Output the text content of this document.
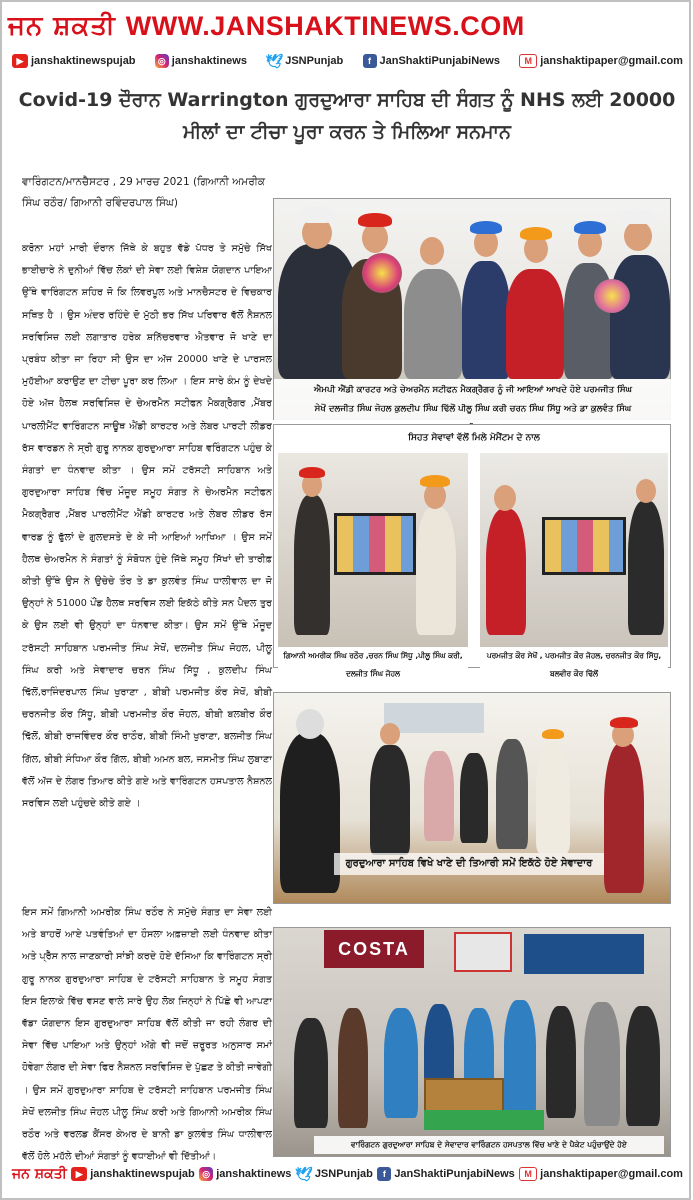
ਜਨ ਸ਼ਕਤੀ WWW.JANSHAKTINEWS.COM
▶ janshaktinewspujab	◎ janshaktinews 🕊 JSNPunjab	f JanShaktiPunjabiNews	M janshaktipaper@gmail.com
Covid-19 ਦੌਰਾਨ Warrington ਗੁਰਦੁਆਰਾ ਸਾਹਿਬ ਦੀ ਸੰਗਤ ਨੂੰ NHS ਲਈ 20000 ਮੀਲਾਂ ਦਾ ਟੀਚਾ ਪੂਰਾ ਕਰਨ ਤੇ ਮਿਲਿਆ ਸਨਮਾਨ
ਵਾਰਿੰਗਟਨ/ਮਾਨਚੈਸਟਰ , 29 ਮਾਰਚ 2021 (ਗਿਆਨੀ ਅਮਰੀਕ ਸਿੰਘ ਰਠੌਰ/ ਗਿਆਨੀ ਰਵਿੰਦਰਪਾਲ ਸਿੰਘ)
ਕਰੋਨਾ ਮਹਾਂ ਮਾਰੀ ਦੌਰਾਨ ਜਿੱਥੇ ਕੇ ਬਹੁਤ ਵੱਡੇ ਪੱਧਰ ਤੇ ਸਮੁੱਚੇ ਸਿੱਖ ਭਾਈਚਾਰੇ ਨੇ ਦੁਨੀਆਂ ਵਿੱਚ ਲੋਕਾਂ ਦੀ ਸੇਵਾ ਲਈ ਵਿਸ਼ੇਸ਼ ਯੋਗਦਾਨ ਪਾਇਆ ਉੱਥੇ ਵਾਰਿੰਗਟਨ ਸ਼ਹਿਰ ਜੋ ਕਿ ਲਿਵਰਪੂਲ ਅਤੇ ਮਾਨਚੈਸਟਰ ਦੇ ਵਿਚਕਾਰ ਸਥਿਤ ਹੈ । ਉਸ ਅੰਦਰ ਰਹਿੰਦੇ ਦੋ ਮੁੱਠੀ ਭਰ ਸਿੱਖ ਪਰਿਵਾਰ ਵੱਲੋਂ ਨੈਸ਼ਨਲ ਸਰਵਿਸਿਜ਼ ਲਈ ਲਗਾਤਾਰ ਹਰੇਕ ਸ਼ਨਿੱਚਰਵਾਰ ਐਤਵਾਰ ਜੋ ਖਾਣੇ ਦਾ ਪ੍ਰਬੰਧ ਕੀਤਾ ਜਾ ਰਿਹਾ ਸੀ ਉਸ ਦਾ ਅੱਜ 20000 ਖਾਣੇ ਦੇ ਪਾਰਸਲ ਮੁਹੱਈਆ ਕਰਾਉਣ ਦਾ ਟੀਚਾ ਪੂਰਾ ਕਰ ਲਿਆ । ਇਸ ਸਾਰੇ ਕੰਮ ਨੂੰ ਦੇਖਦੇ ਹੋਏ ਅੱਜ ਹੈਲਥ ਸਰਵਿਸਿਜ਼ ਦੇ ਚੇਅਰਮੈਨ ਸਟੀਫਨ ਮੈਕਗ੍ਰੈਗਰ ,ਮੈਂਬਰ ਪਾਰਲੀਮੈਂਟ ਵਾਰਿੰਗਟਨ ਸਾਊਥ ਐਂਡੀ ਕਾਰਟਰ ਅਤੇ ਲੇਬਰ ਪਾਰਟੀ ਲੀਡਰ ਰੱਸ ਵਾਰਡਨ ਨੇ ਸ੍ਰੀ ਗੁਰੂ ਨਾਨਕ ਗੁਰਦੁਆਰਾ ਸਾਹਿਬ ਵਰਿੰਗਟਨ ਪਹੁੰਚ ਕੇ ਸੰਗਤਾਂ ਦਾ ਧੰਨਵਾਦ ਕੀਤਾ । ਉਸ ਸਮੇਂ ਟਰੱਸਟੀ ਸਾਹਿਬਾਨ ਅਤੇ ਗੁਰਦੁਆਰਾ ਸਾਹਿਬ ਵਿੱਚ ਮੌਜੂਦ ਸਮੂਹ ਸੰਗਤ ਨੇ ਚੇਅਰਮੈਨ ਸਟੀਫਨ ਮੈਕਗ੍ਰੈਗਰ ,ਮੈਂਬਰ ਪਾਰਲੀਮੈਂਟ ਐਂਡੀ ਕਾਰਟਰ ਅਤੇ ਲੇਬਰ ਲੀਡਰ ਰੱਸ ਵਾਰਡ ਨੂੰ ਫੁੱਲਾਂ ਦੇ ਗੁਲਦਸਤੇ ਦੇ ਕੇ ਜੀ ਆਇਆਂ ਆਖਿਆ । ਉਸ ਸਮੇਂ ਹੈਲਥ ਚੇਅਰਮੈਨ ਨੇ ਸੰਗਤਾਂ ਨੂੰ ਸੰਬੋਧਨ ਹੁੰਦੇ ਜਿੱਥੇ ਸਮੂਹ ਸਿੱਖਾਂ ਦੀ ਤਾਰੀਫ਼ ਕੀਤੀ ਉੱਥੇ ਉਸ ਨੇ ਉਚੇਚੇ ਤੌਰ ਤੇ ਡਾ ਕੁਲਵੰਤ ਸਿੰਘ ਧਾਲੀਵਾਲ ਦਾ ਜੋ ਉਨ੍ਹਾਂ ਨੇ 51000 ਪੌਂਡ ਹੈਲਥ ਸਰਵਿਸ ਲਈ ਇਕੱਠੇ ਕੀਤੇ ਸਨ ਪੈਦਲ ਤੁਰ ਕੇ ਉਸ ਲਈ ਵੀ ਉਨ੍ਹਾਂ ਦਾ ਧੰਨਵਾਦ ਕੀਤਾ। ਉਸ ਸਮੇਂ ਉੱਥੇ ਮੌਜੂਦ ਟਰੱਸਟੀ ਸਾਹਿਬਾਨ ਪਰਮਜੀਤ ਸਿੰਘ ਸੇਖੋਂ, ਦਲਜੀਤ ਸਿੰਘ ਜੋਹਲ, ਪੀਲੂ ਸਿੰਘ ਕਰੀ ਅਤੇ ਸੇਵਾਦਾਰ ਚਰਨ ਸਿੰਘ ਸਿੱਧੂ , ਕੁਲਦੀਪ ਸਿੰਘ ਢਿੱਲੋਂ,ਰਾਜਿੰਦਰਪਾਲ ਸਿੰਘ ਖੁਰਾਣਾ , ਬੀਬੀ ਪਰਮਜੀਤ ਕੌਰ ਸੇਖੋਂ, ਬੀਬੀ ਚਰਨਜੀਤ ਕੌਰ ਸਿੱਧੂ, ਬੀਬੀ ਪਰਮਜੀਤ ਕੌਰ ਜੋਹਲ, ਬੀਬੀ ਬਲਬੀਰ ਕੌਰ ਢਿੱਲੋਂ, ਬੀਬੀ ਰਾਜਵਿੰਦਰ ਕੌਰ ਰਾਠੌਰ, ਬੀਬੀ ਸਿੰਮੀ ਖੁਰਾਣਾ, ਬਲਜੀਤ ਸਿੰਘ ਗਿੱਲ, ਬੀਬੀ ਸੰਧਿਆ ਕੌਰ ਗਿੱਲ, ਬੀਬੀ ਅਮਨ ਬਲ, ਜਸਮੀਤ ਸਿੰਘ ਲੁਬਾਣਾ ਵੱਲੋਂ ਅੱਜ ਦੇ ਲੰਗਰ ਤਿਆਰ ਕੀਤੇ ਗਏ ਅਤੇ ਵਾਰਿੰਗਟਨ ਹਸਪਤਾਲ ਨੈਸ਼ਨਲ ਸਰਵਿਸ ਲਈ ਪਹੁੰਚਦੇ ਕੀਤੇ ਗਏ ।
ਇਸ ਸਮੇਂ ਗਿਆਨੀ ਅਮਰੀਕ ਸਿੰਘ ਰਠੌਰ ਨੇ ਸਮੁੱਚੇ ਸੰਗਤ ਦਾ ਸੇਵਾ ਲਈ ਅਤੇ ਬਾਹਰੋਂ ਆਏ ਪਤਵੰਤਿਆਂ ਦਾ ਹੌਸਲਾ ਅਫ਼ਜ਼ਾਈ ਲਈ ਧੰਨਵਾਦ ਕੀਤਾ ਅਤੇ ਪ੍ਰੈੱਸ ਨਾਲ ਜਾਣਕਾਰੀ ਸਾਂਝੀ ਕਰਦੇ ਹੋਏ ਦੱਸਿਆ ਕਿ ਵਾਰਿੰਗਟਨ ਸ੍ਰੀ ਗੁਰੂ ਨਾਨਕ ਗੁਰਦੁਆਰਾ ਸਾਹਿਬ ਦੇ ਟਰੱਸਟੀ ਸਾਹਿਬਾਨ ਤੇ ਸਮੂਹ ਸੰਗਤ ਇਸ ਇਲਾਕੇ ਵਿੱਚ ਵਸਣ ਵਾਲੇ ਸਾਰੇ ਉਹ ਲੋਕ ਜਿਨ੍ਹਾਂ ਨੇ ਪਿੱਛੇ ਵੀ ਆਪਣਾ ਵੱਡਾ ਯੋਗਦਾਨ ਇਸ ਗੁਰਦੁਆਰਾ ਸਾਹਿਬ ਵੱਲੋਂ ਕੀਤੀ ਜਾ ਰਹੀ ਲੰਗਰ ਦੀ ਸੇਵਾ ਵਿੱਚ ਪਾਇਆ ਅਤੇ ਉਨ੍ਹਾਂ ਅੱਗੇ ਵੀ ਜਦੋਂ ਜ਼ਰੂਰਤ ਅਨੁਸਾਰ ਸਮਾਂ ਹੋਵੇਗਾ ਲੰਗਰ ਦੀ ਸੇਵਾ ਫਿਰ ਨੈਸ਼ਨਲ ਸਰਵਿਸਿਜ਼ ਦੇ ਪੁੱਛਣ ਤੇ ਕੀਤੀ ਜਾਵੇਗੀ । ਉਸ ਸਮੇਂ ਗੁਰਦੁਆਰਾ ਸਾਹਿਬ ਦੇ ਟਰੱਸਟੀ ਸਾਹਿਬਾਨ ਪਰਮਜੀਤ ਸਿੰਘ ਸੇਖੋਂ ਦਲਜੀਤ ਸਿੰਘ ਜੋਹਲ ਪੀਲੂ ਸਿੰਘ ਕਰੀ ਅਤੇ ਗਿਆਨੀ ਅਮਰੀਕ ਸਿੰਘ ਰਠੌਰ ਅਤੇ ਵਰਲਡ ਕੈਂਸਰ ਕੇਅਰ ਦੇ ਬਾਨੀ ਡਾ ਕੁਲਵੰਤ ਸਿੰਘ ਧਾਲੀਵਾਲ ਵੱਲੋਂ ਹੋਲੇ ਮਹੱਲੇ ਦੀਆਂ ਸੰਗਤਾਂ ਨੂੰ ਵਧਾਈਆਂ ਵੀ ਦਿੱਤੀਆਂ।
ਐਮਪੀ ਐਂਡੀ ਕਾਰਟਰ ਅਤੇ ਚੇਅਰਮੈਨ ਸਟੀਫਨ ਮੈਕਗ੍ਰੈਗਰ ਨੂੰ ਜੀ ਆਇਆਂ ਆਖਦੇ ਹੋਏ ਪਰਮਜੀਤ ਸਿੰਘ ਸੇਖੋਂ ਦਲਜੀਤ ਸਿੰਘ ਜੋਹਲ ਕੁਲਦੀਪ ਸਿੰਘ ਢਿੱਲੋਂ ਪੀਲੂ ਸਿੰਘ ਕਰੀ ਚਰਨ ਸਿੰਘ ਸਿੱਧੂ ਅਤੇ ਡਾ ਕੁਲਵੰਤ ਸਿੰਘ
ਸਿਹਤ ਸੇਵਾਵਾਂ ਵੱਲੋਂ ਮਿਲੇ ਮੋਮੈਂਟਮ ਦੇ ਨਾਲ
ਗਿਆਨੀ ਅਮਰੀਕ ਸਿੰਘ ਰਠੌਰ ,ਚਰਨ ਸਿੰਘ ਸਿੱਧੂ ,ਪੀਲੂ ਸਿੰਘ ਕਰੀ, ਦਲਜੀਤ ਸਿੰਘ ਜੋਹਲ
ਪਰਮਜੀਤ ਕੌਰ ਸੇਖੋਂ , ਪਰਮਜੀਤ ਕੌਰ ਜੋਹਲ, ਚਰਨਜੀਤ ਕੌਰ ਸਿੱਧੂ, ਬਲਵੀਰ ਕੌਰ ਢਿੱਲੋਂ
ਗੁਰਦੁਆਰਾ ਸਾਹਿਬ ਵਿਖੇ ਖਾਣੇ ਦੀ ਤਿਆਰੀ ਸਮੇਂ ਇਕੱਠੇ ਹੋਏ ਸੇਵਾਦਾਰ
COSTA
ਵਾਰਿੰਗਟਨ ਗੁਰਦੁਆਰਾ ਸਾਹਿਬ ਦੇ ਸੇਵਾਦਾਰ ਵਾਰਿੰਗਟਨ ਹਸਪਤਾਲ ਵਿੱਚ ਖਾਣੇ ਦੇ ਪੈਕੇਟ ਪਹੁੰਚਾਉਂਦੇ ਹੋਏ
ਜਨ ਸ਼ਕਤੀ ▶ janshaktinewspujab ◎ janshaktinews 🕊 JSNPunjab	f JanShaktiPunjabiNews	M janshaktipaper@gmail.com
